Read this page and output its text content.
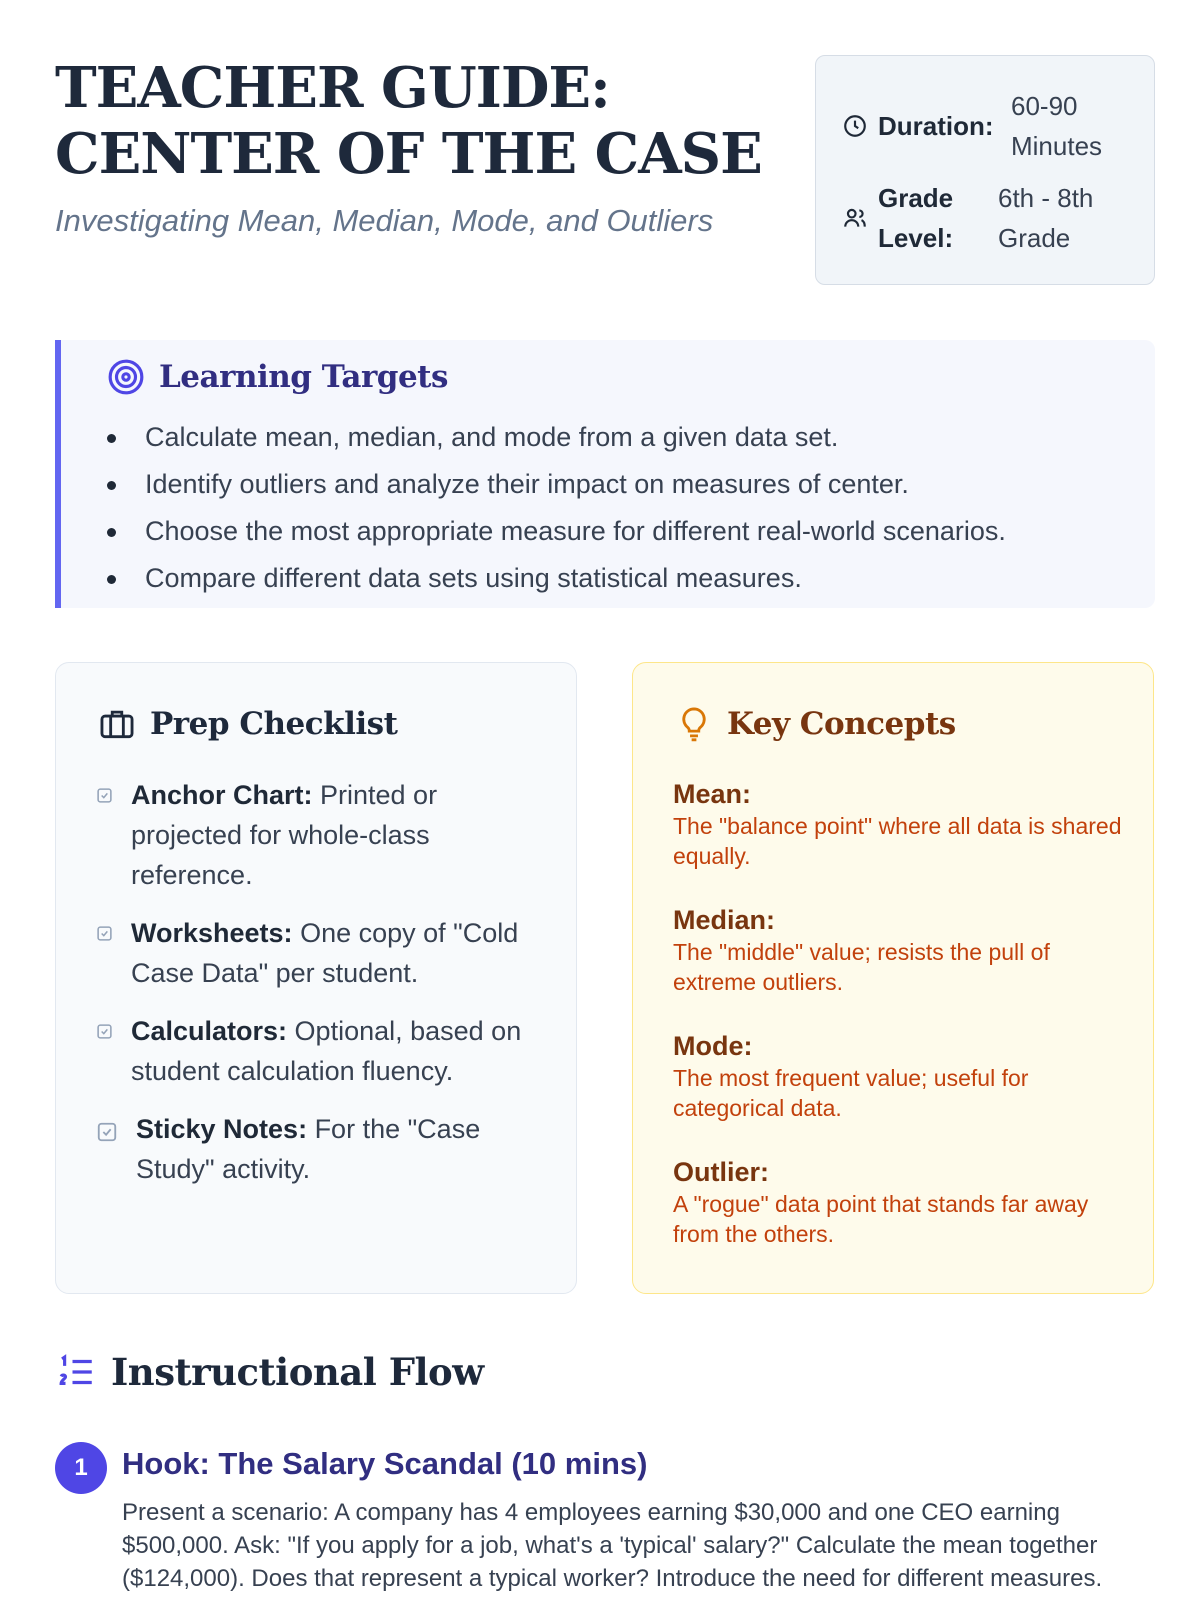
TEACHER GUIDE: CENTER OF THE CASE

Investigating Mean, Median, Mode, and Outliers

Duration:
60-90 Minutes
Grade Level:
6th - 8th Grade
Learning Targets
Calculate mean, median, and mode from a given data set.
Identify outliers and analyze their impact on measures of center.
Choose the most appropriate measure for different real-world scenarios.
Compare different data sets using statistical measures.
Prep Checklist
Anchor Chart: Printed or projected for whole-class reference.
Worksheets: One copy of "Cold Case Data" per student.
Calculators: Optional, based on student calculation fluency.
Sticky Notes: For the "Case Study" activity.
Key Concepts
Mean:
The "balance point" where all data is shared equally.
Median:
The "middle" value; resists the pull of extreme outliers.
Mode:
The most frequent value; useful for categorical data.
Outlier:
A "rogue" data point that stands far away from the others.
Instructional Flow
1	Hook: The Salary Scandal (10 mins)

Present a scenario: A company has 4 employees earning $30,000 and one CEO earning $500,000. Ask: "If you apply for a job, what's a 'typical' salary?" Calculate the mean together ($124,000). Does that represent a typical worker? Introduce the need for different measures.
